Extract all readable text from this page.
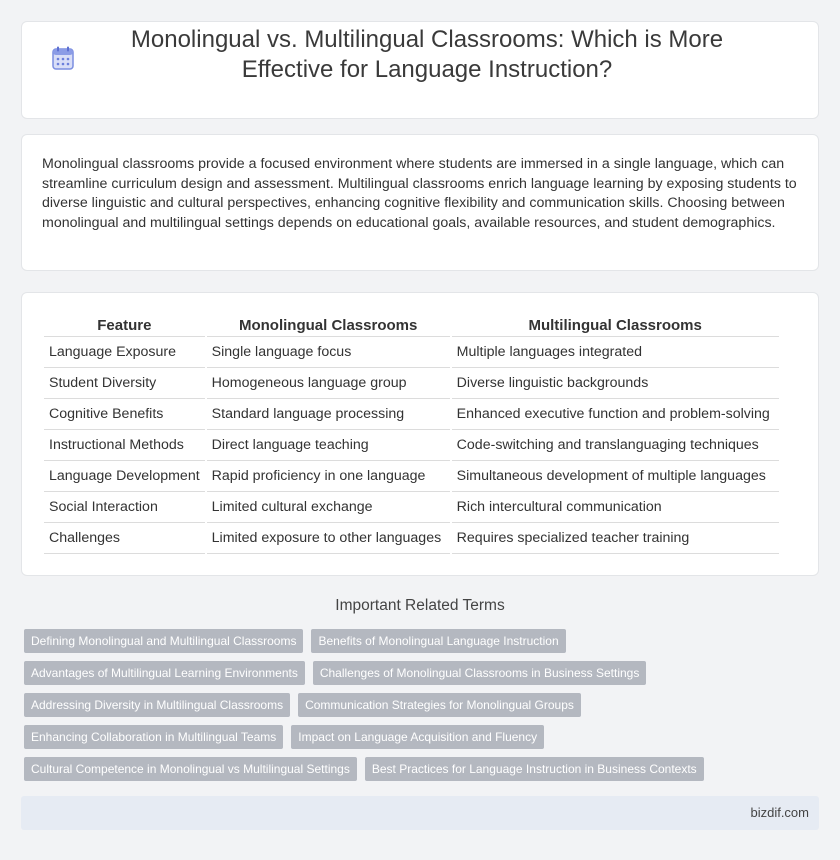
Monolingual vs. Multilingual Classrooms: Which is More Effective for Language Instruction?

Monolingual classrooms provide a focused environment where students are immersed in a single language, which can streamline curriculum design and assessment. Multilingual classrooms enrich language learning by exposing students to diverse linguistic and cultural perspectives, enhancing cognitive flexibility and communication skills. Choosing between monolingual and multilingual settings depends on educational goals, available resources, and student demographics.

Feature	Monolingual Classrooms	Multilingual Classrooms
Language Exposure	Single language focus	Multiple languages integrated
Student Diversity	Homogeneous language group	Diverse linguistic backgrounds
Cognitive Benefits	Standard language processing	Enhanced executive function and problem-solving
Instructional Methods	Direct language teaching	Code-switching and translanguaging techniques
Language Development	Rapid proficiency in one language	Simultaneous development of multiple languages
Social Interaction	Limited cultural exchange	Rich intercultural communication
Challenges	Limited exposure to other languages	Requires specialized teacher training
Important Related Terms
Defining Monolingual and Multilingual Classrooms	Benefits of Monolingual Language Instruction
Advantages of Multilingual Learning Environments	Challenges of Monolingual Classrooms in Business Settings
Addressing Diversity in Multilingual Classrooms	Communication Strategies for Monolingual Groups
Enhancing Collaboration in Multilingual Teams	Impact on Language Acquisition and Fluency
Cultural Competence in Monolingual vs Multilingual Settings	Best Practices for Language Instruction in Business Contexts
bizdif.com
